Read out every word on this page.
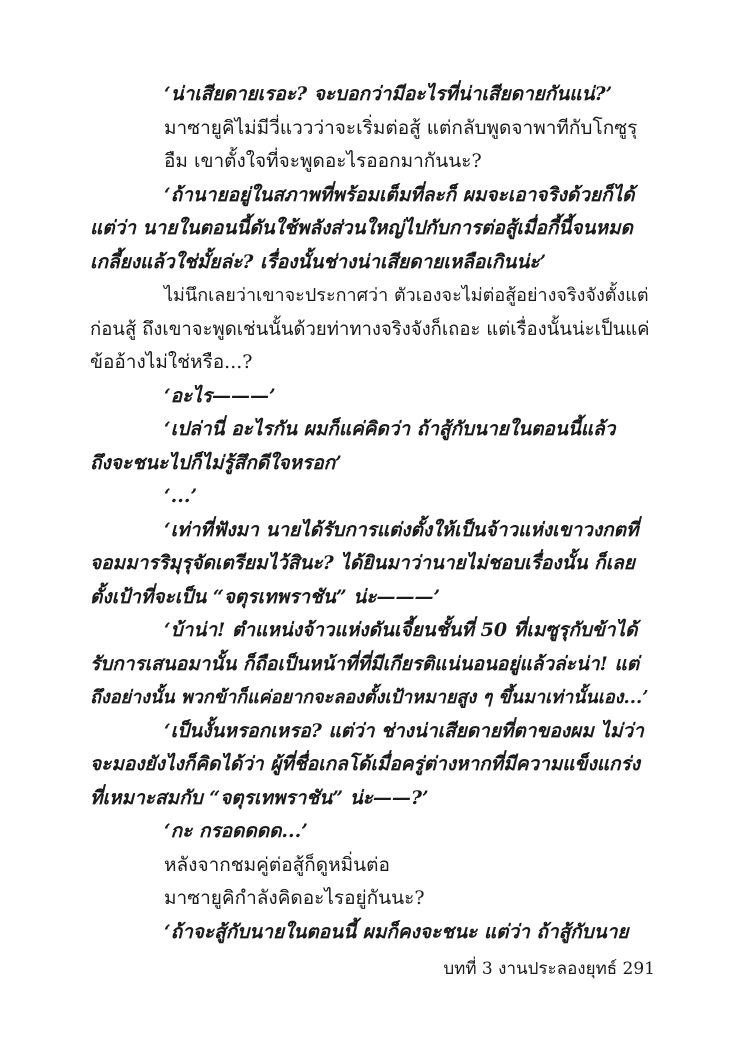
‘น่าเสียดายเรอะ? จะบอกว่ามีอะไรที่น่าเสียดายกันแน่?’
มาซายูคิไม่มีวี่แววว่าจะเริ่มต่อสู้ แต่กลับพูดจาพาทีกับโกซูรุ
อืม เขาตั้งใจที่จะพูดอะไรออกมากันนะ?
‘ถ้านายอยู่ในสภาพที่พร้อมเต็มที่ละก็ ผมจะเอาจริงด้วยก็ได้
แต่ว่า นายในตอนนี้ดันใช้พลังส่วนใหญ่ไปกับการต่อสู้เมื่อกี้นี้จนหมด
เกลี้ยงแล้วใช่มั้ยล่ะ? เรื่องนั้นช่างน่าเสียดายเหลือเกินน่ะ’
ไม่นึกเลยว่าเขาจะประกาศว่า ตัวเองจะไม่ต่อสู้อย่างจริงจังตั้งแต่
ก่อนสู้ ถึงเขาจะพูดเช่นนั้นด้วยท่าทางจริงจังก็เถอะ แต่เรื่องนั้นน่ะเป็นแค่
ข้ออ้างไม่ใช่หรือ...?
‘อะไร———’
‘เปล่านี่ อะไรกัน ผมก็แค่คิดว่า ถ้าสู้กับนายในตอนนี้แล้ว
ถึงจะชนะไปก็ไม่รู้สึกดีใจหรอก’
‘...’
‘เท่าที่ฟังมา นายได้รับการแต่งตั้งให้เป็นจ้าวแห่งเขาวงกตที่
จอมมารริมุรุจัดเตรียมไว้สินะ? ได้ยินมาว่านายไม่ชอบเรื่องนั้น ก็เลย
ตั้งเป้าที่จะเป็น “จตุรเทพราชัน” น่ะ———’
‘บ้าน่า! ตำแหน่งจ้าวแห่งดันเจี้ยนชั้นที่ 50 ที่เมซูรุกับข้าได้
รับการเสนอมานั้น ก็ถือเป็นหน้าที่ที่มีเกียรติแน่นอนอยู่แล้วล่ะน่า! แต่
ถึงอย่างนั้น พวกข้าก็แค่อยากจะลองตั้งเป้าหมายสูง ๆ ขึ้นมาเท่านั้นเอง...’
‘เป็นงั้นหรอกเหรอ? แต่ว่า ช่างน่าเสียดายที่ตาของผม ไม่ว่า
จะมองยังไงก็คิดได้ว่า ผู้ที่ชื่อเกลโด้เมื่อครู่ต่างหากที่มีความแข็งแกร่ง
ที่เหมาะสมกับ “จตุรเทพราชัน” น่ะ——?’
‘กะ กรอดดดด...’
หลังจากชมคู่ต่อสู้ก็ดูหมิ่นต่อ
มาซายูคิกำลังคิดอะไรอยู่กันนะ?
‘ถ้าจะสู้กับนายในตอนนี้ ผมก็คงจะชนะ แต่ว่า ถ้าสู้กับนาย
บทที่ 3 งานประลองยุทธ์ 291
